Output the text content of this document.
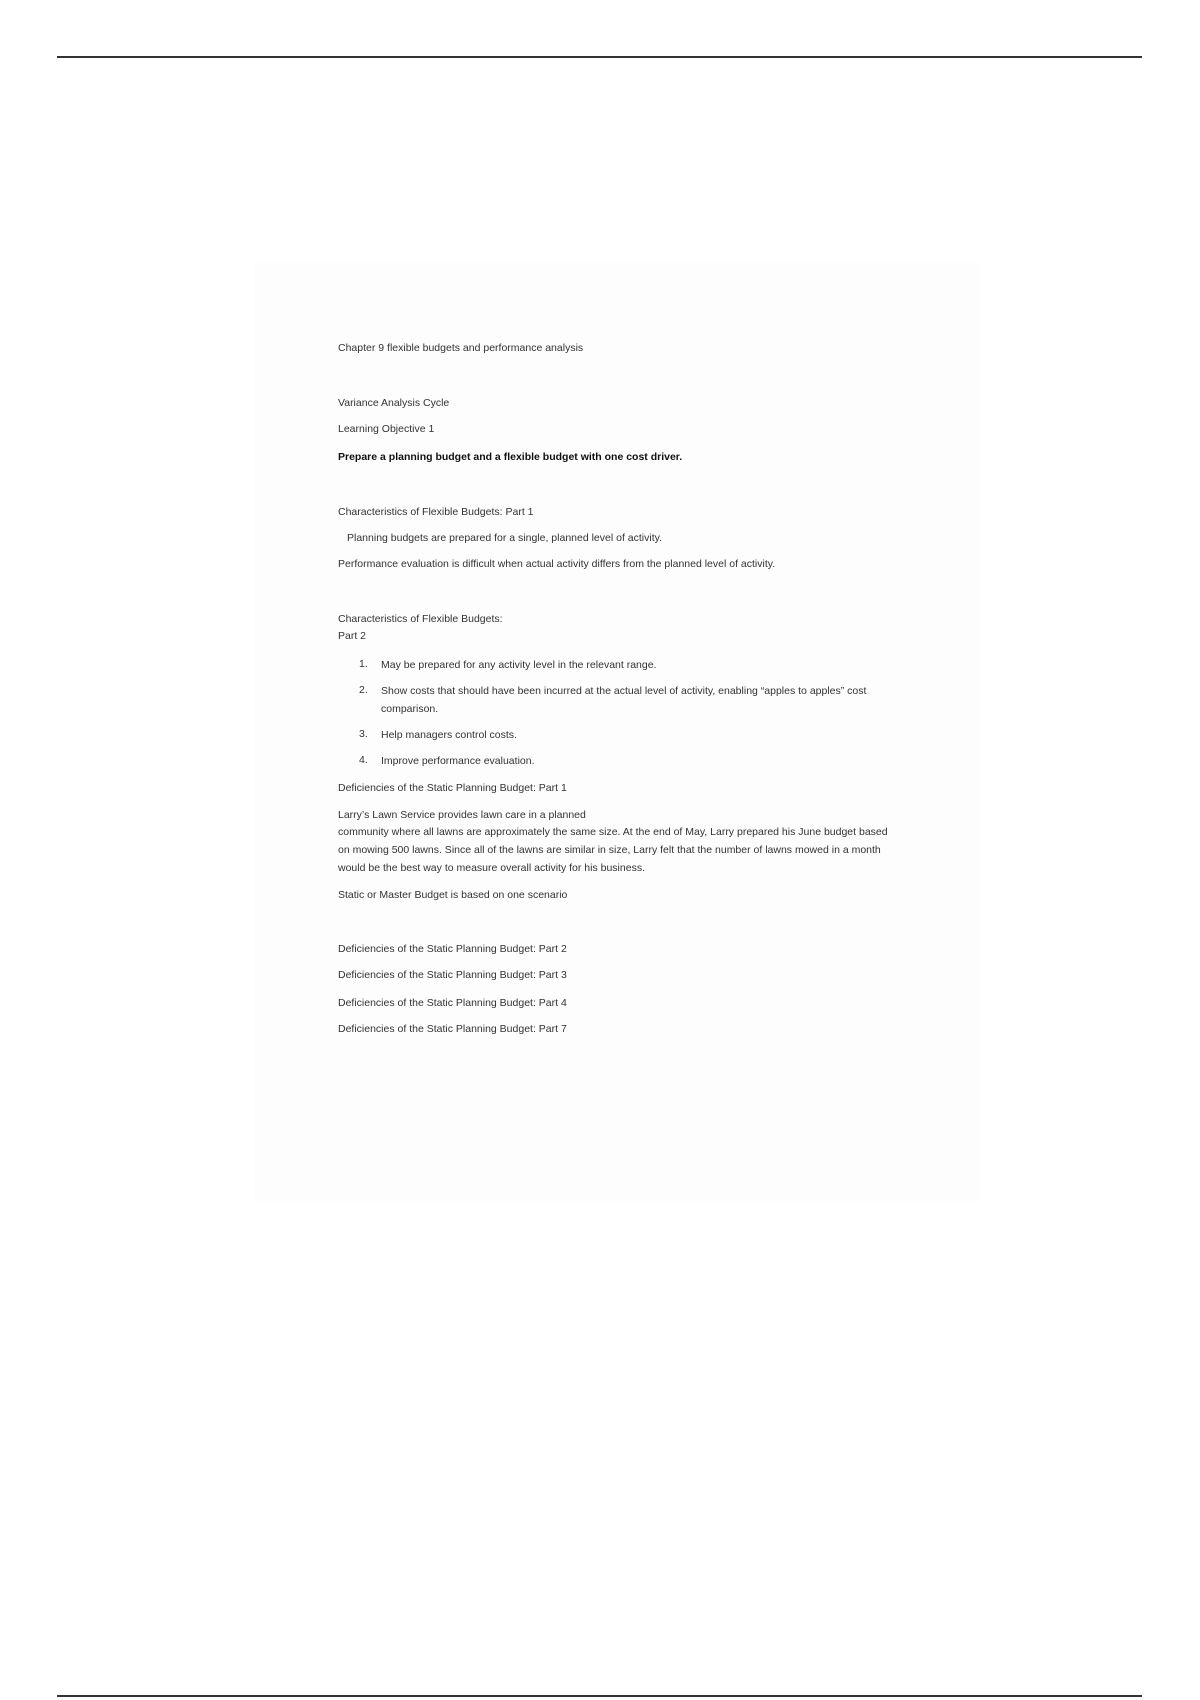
Chapter 9 flexible budgets and performance analysis
Variance Analysis Cycle
Learning Objective 1
Prepare a planning budget and a flexible budget with one cost driver.
Characteristics of Flexible Budgets: Part 1
Planning budgets are prepared for a single, planned level of activity.
Performance evaluation is difficult when actual activity differs from the planned level of activity.
Characteristics of Flexible Budgets:
Part 2
1. May be prepared for any activity level in the relevant range.
2. Show costs that should have been incurred at the actual level of activity, enabling “apples to apples” cost comparison.
3. Help managers control costs.
4. Improve performance evaluation.
Deficiencies of the Static Planning Budget: Part 1
Larry’s Lawn Service provides lawn care in a planned
community where all lawns are approximately the same size. At the end of May, Larry prepared his June budget based on mowing 500 lawns. Since all of the lawns are similar in size, Larry felt that the number of lawns mowed in a month would be the best way to measure overall activity for his business.
Static or Master Budget is based on one scenario
Deficiencies of the Static Planning Budget: Part 2
Deficiencies of the Static Planning Budget: Part 3
Deficiencies of the Static Planning Budget: Part 4
Deficiencies of the Static Planning Budget: Part 7
